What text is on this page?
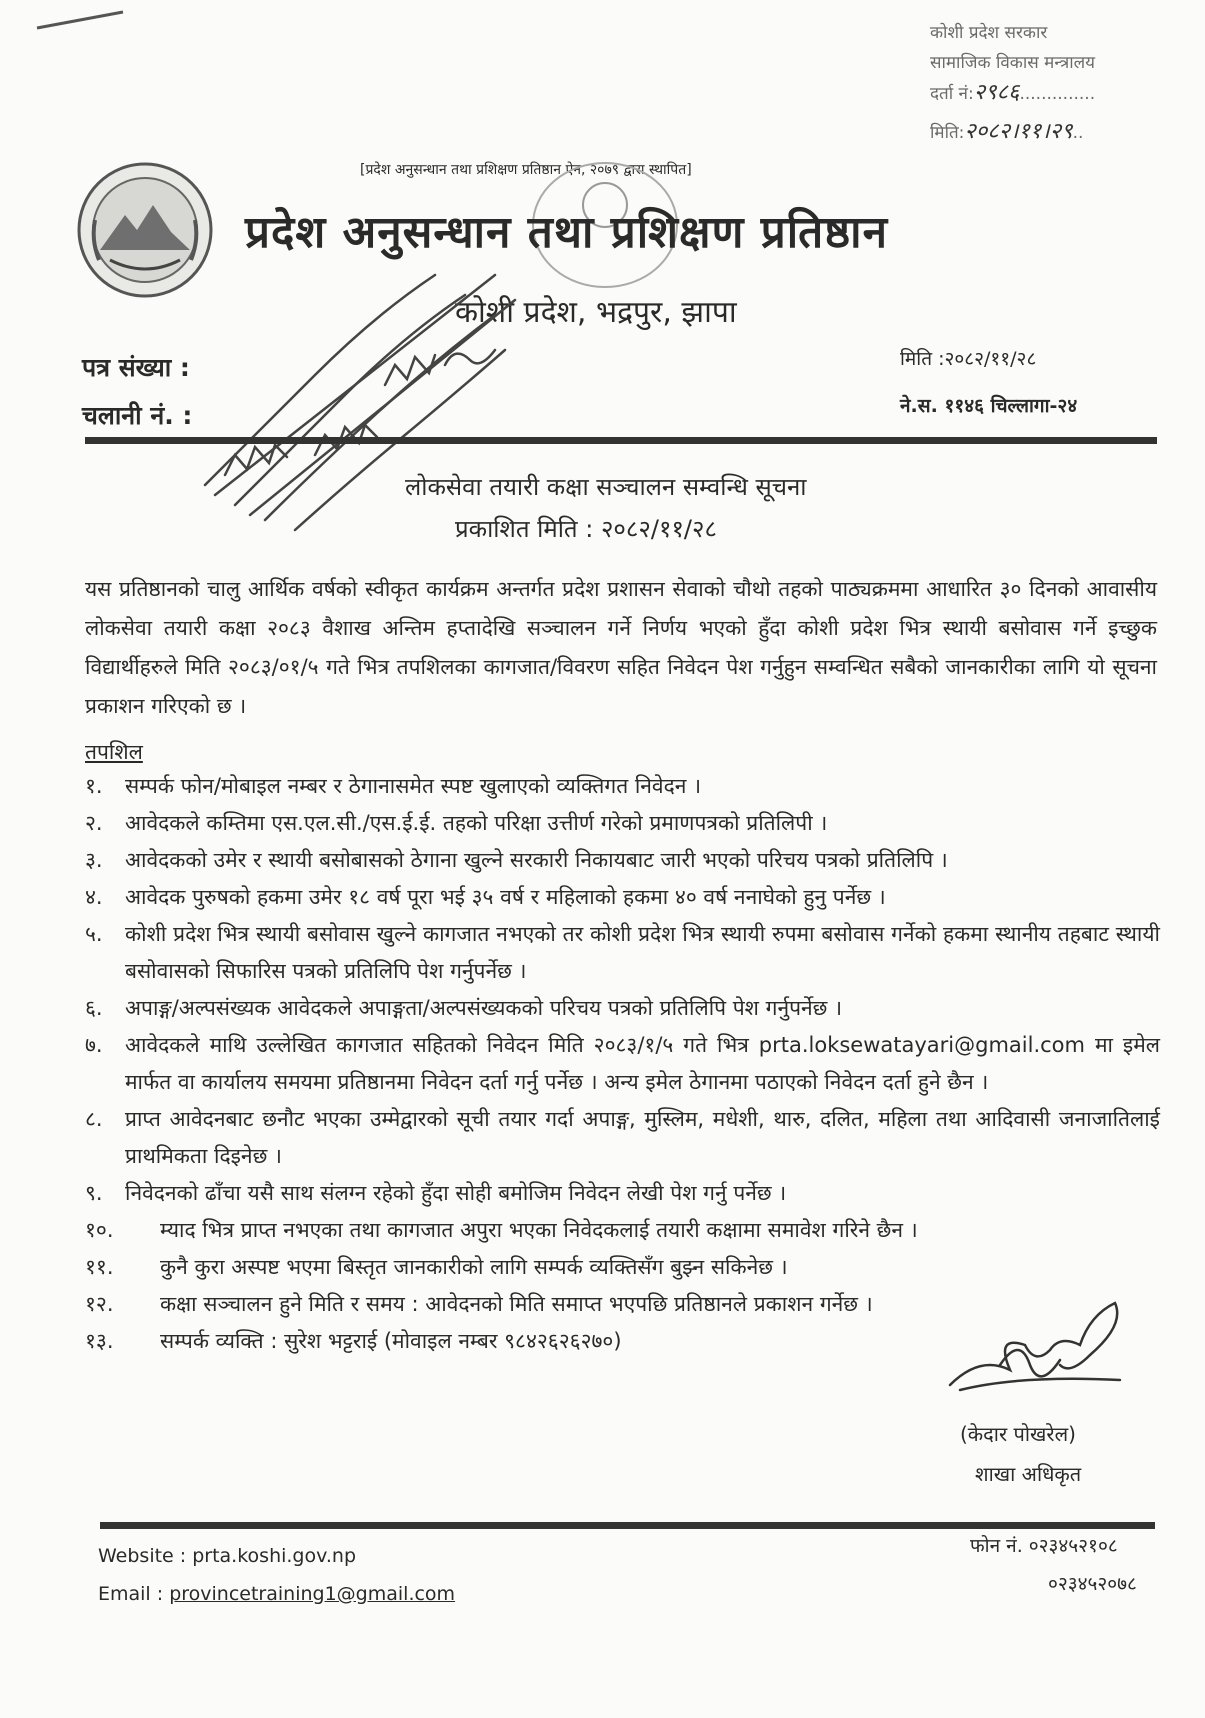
कोशी प्रदेश सरकार
सामाजिक विकास मन्त्रालय
दर्ता नं:२९८६..............
मिति:२०८२।११।२९..
[प्रदेश अनुसन्धान तथा प्रशिक्षण प्रतिष्ठान ऐन, २०७९ द्वारा स्थापित]
प्रदेश अनुसन्धान तथा प्रशिक्षण प्रतिष्ठान
कोशी प्रदेश, भद्रपुर, झापा
पत्र संख्या :
चलानी नं. :
मिति :२०८२/११/२८
ने.स. ११४६ चिल्लागा-२४
लोकसेवा तयारी कक्षा सञ्चालन सम्वन्धि सूचना
प्रकाशित मिति : २०८२/११/२८
यस प्रतिष्ठानको चालु आर्थिक वर्षको स्वीकृत कार्यक्रम अन्तर्गत प्रदेश प्रशासन सेवाको चौथो तहको पाठ्यक्रममा आधारित ३० दिनको आवासीय लोकसेवा तयारी कक्षा २०८३ वैशाख अन्तिम हप्तादेखि सञ्चालन गर्ने निर्णय भएको हुँदा कोशी प्रदेश भित्र स्थायी बसोवास गर्ने इच्छुक विद्यार्थीहरुले मिति २०८३/०१/५ गते भित्र तपशिलका कागजात/विवरण सहित निवेदन पेश गर्नुहुन सम्वन्धित सबैको जानकारीका लागि यो सूचना प्रकाशन गरिएको छ ।
तपशिल
१.	सम्पर्क फोन/मोबाइल नम्बर र ठेगानासमेत स्पष्ट खुलाएको व्यक्तिगत निवेदन ।
२.	आवेदकले कम्तिमा एस.एल.सी./एस.ई.ई. तहको परिक्षा उत्तीर्ण गरेको प्रमाणपत्रको प्रतिलिपी ।
३.	आवेदकको उमेर र स्थायी बसोबासको ठेगाना खुल्ने सरकारी निकायबाट जारी भएको परिचय पत्रको प्रतिलिपि ।
४.	आवेदक पुरुषको हकमा उमेर १८ वर्ष पूरा भई ३५ वर्ष र महिलाको हकमा ४० वर्ष ननाघेको हुनु पर्नेछ ।
५.	कोशी प्रदेश भित्र स्थायी बसोवास खुल्ने कागजात नभएको तर कोशी प्रदेश भित्र स्थायी रुपमा बसोवास गर्नेको हकमा स्थानीय तहबाट स्थायी बसोवासको सिफारिस पत्रको प्रतिलिपि पेश गर्नुपर्नेछ ।
६.	अपाङ्ग/अल्पसंख्यक आवेदकले अपाङ्गता/अल्पसंख्यकको परिचय पत्रको प्रतिलिपि पेश गर्नुपर्नेछ ।
७.	आवेदकले माथि उल्लेखित कागजात सहितको निवेदन मिति २०८३/१/५ गते भित्र prta.loksewatayari@gmail.com मा इमेल मार्फत वा कार्यालय समयमा प्रतिष्ठानमा निवेदन दर्ता गर्नु पर्नेछ । अन्य इमेल ठेगानमा पठाएको निवेदन दर्ता हुने छैन ।
८.	प्राप्त आवेदनबाट छनौट भएका उम्मेद्वारको सूची तयार गर्दा अपाङ्ग, मुस्लिम, मधेशी, थारु, दलित, महिला तथा आदिवासी जनाजातिलाई प्राथमिकता दिइनेछ ।
९.	निवेदनको ढाँचा यसै साथ संलग्न रहेको हुँदा सोही बमोजिम निवेदन लेखी पेश गर्नु पर्नेछ ।
१०.	म्याद भित्र प्राप्त नभएका तथा कागजात अपुरा भएका निवेदकलाई तयारी कक्षामा समावेश गरिने छैन ।
११.	कुनै कुरा अस्पष्ट भएमा बिस्तृत जानकारीको लागि सम्पर्क व्यक्तिसँग बुझ्न सकिनेछ ।
१२.	कक्षा सञ्चालन हुने मिति र समय : आवेदनको मिति समाप्त भएपछि प्रतिष्ठानले प्रकाशन गर्नेछ ।
१३.	सम्पर्क व्यक्ति : सुरेश भट्टराई (मोवाइल नम्बर ९८४२६२६२७०)
(केदार पोखरेल)
शाखा अधिकृत
Website : prta.koshi.gov.np
Email : provincetraining1@gmail.com
फोन नं. ०२३४५२१०८
०२३४५२०७८
